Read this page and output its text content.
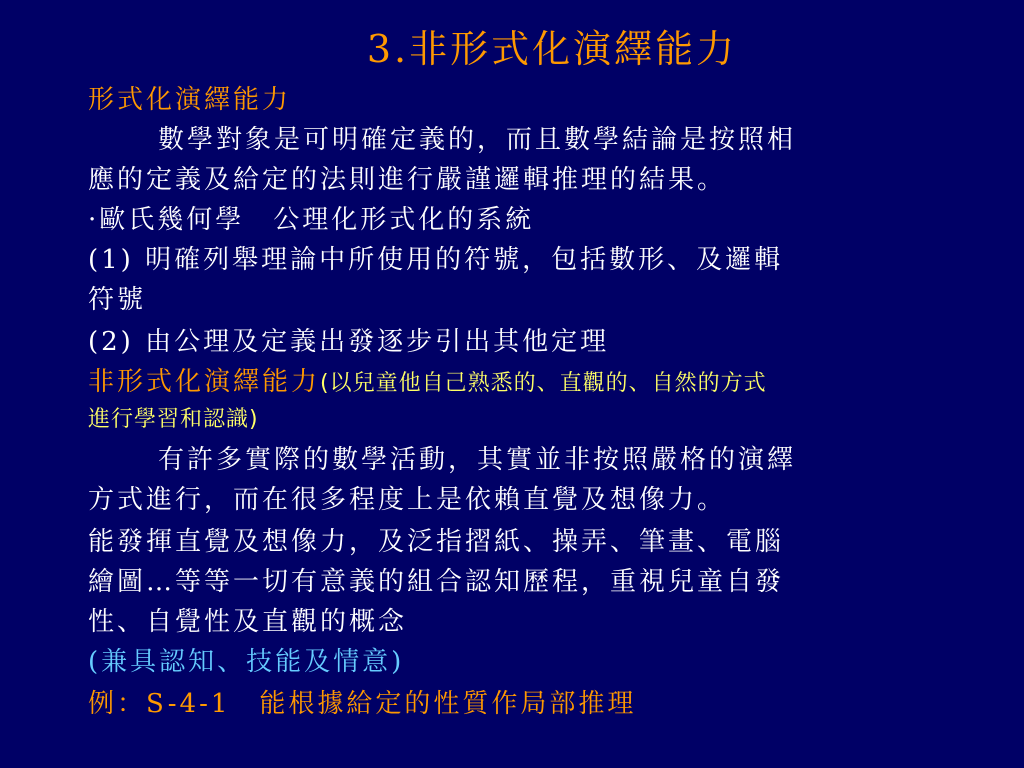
3.非形式化演繹能力
形式化演繹能力
數學對象是可明確定義的，而且數學結論是按照相
應的定義及給定的法則進行嚴謹邏輯推理的結果。
·歐氏幾何學　公理化形式化的系統
(1) 明確列舉理論中所使用的符號，包括數形、及邏輯
符號
(2) 由公理及定義出發逐步引出其他定理
非形式化演繹能力(以兒童他自己熟悉的、直觀的、自然的方式
進行學習和認識)
有許多實際的數學活動，其實並非按照嚴格的演繹
方式進行，而在很多程度上是依賴直覺及想像力。
能發揮直覺及想像力，及泛指摺紙、操弄、筆畫、電腦
繪圖…等等一切有意義的組合認知歷程，重視兒童自發
性、自覺性及直觀的概念
(兼具認知、技能及情意)
例：S-4-1　能根據給定的性質作局部推理
